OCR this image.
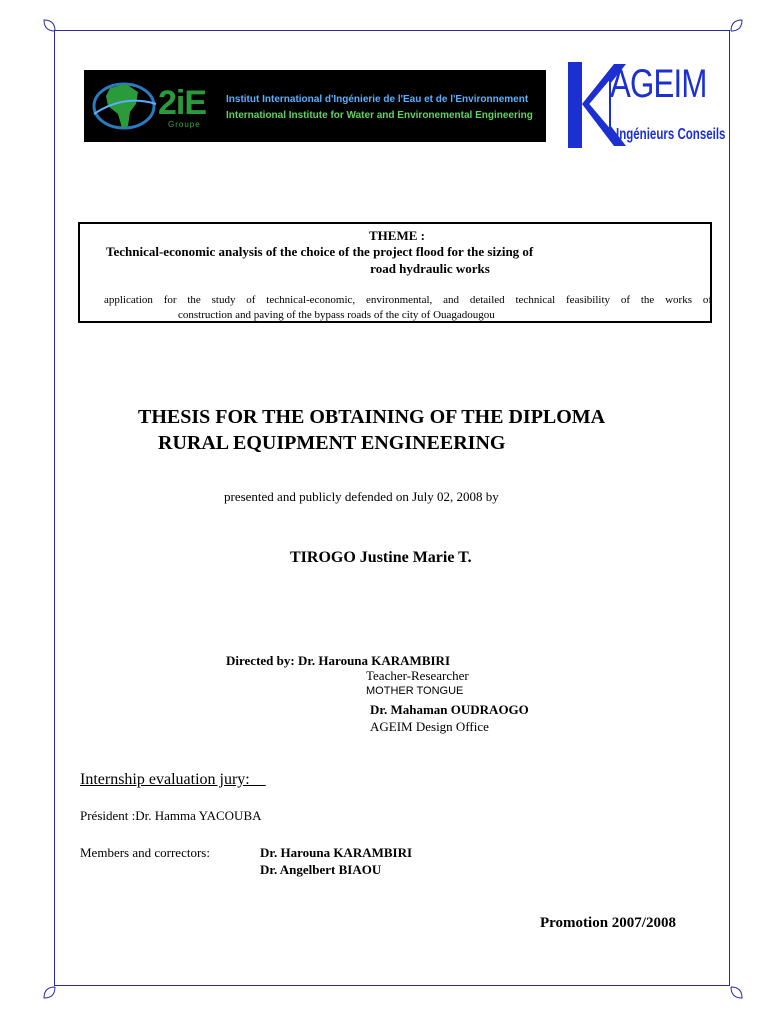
2iE
Groupe
Institut International d'Ingénierie de l'Eau et de l'Environnement
International Institute for Water and Environemental Engineering
AGEIM
Ingénieurs Conseils
THEME :
Technical-economic analysis of the choice of the project flood for the sizing of
road hydraulic works
application for the study of technical-economic, environmental, and detailed technical feasibility of the works of
construction and paving of the bypass roads of the city of Ouagadougou
THESIS FOR THE OBTAINING OF THE DIPLOMA
RURAL EQUIPMENT ENGINEERING
presented and publicly defended on July 02, 2008 by
TIROGO Justine Marie T.
Directed by: Dr. Harouna KARAMBIRI
Teacher-Researcher
MOTHER TONGUE
Dr. Mahaman OUDRAOGO
AGEIM Design Office
Internship evaluation jury:
Président :Dr. Hamma YACOUBA
Members and correctors:	Dr. Harouna KARAMBIRI
Dr. Angelbert BIAOU
Promotion 2007/2008
